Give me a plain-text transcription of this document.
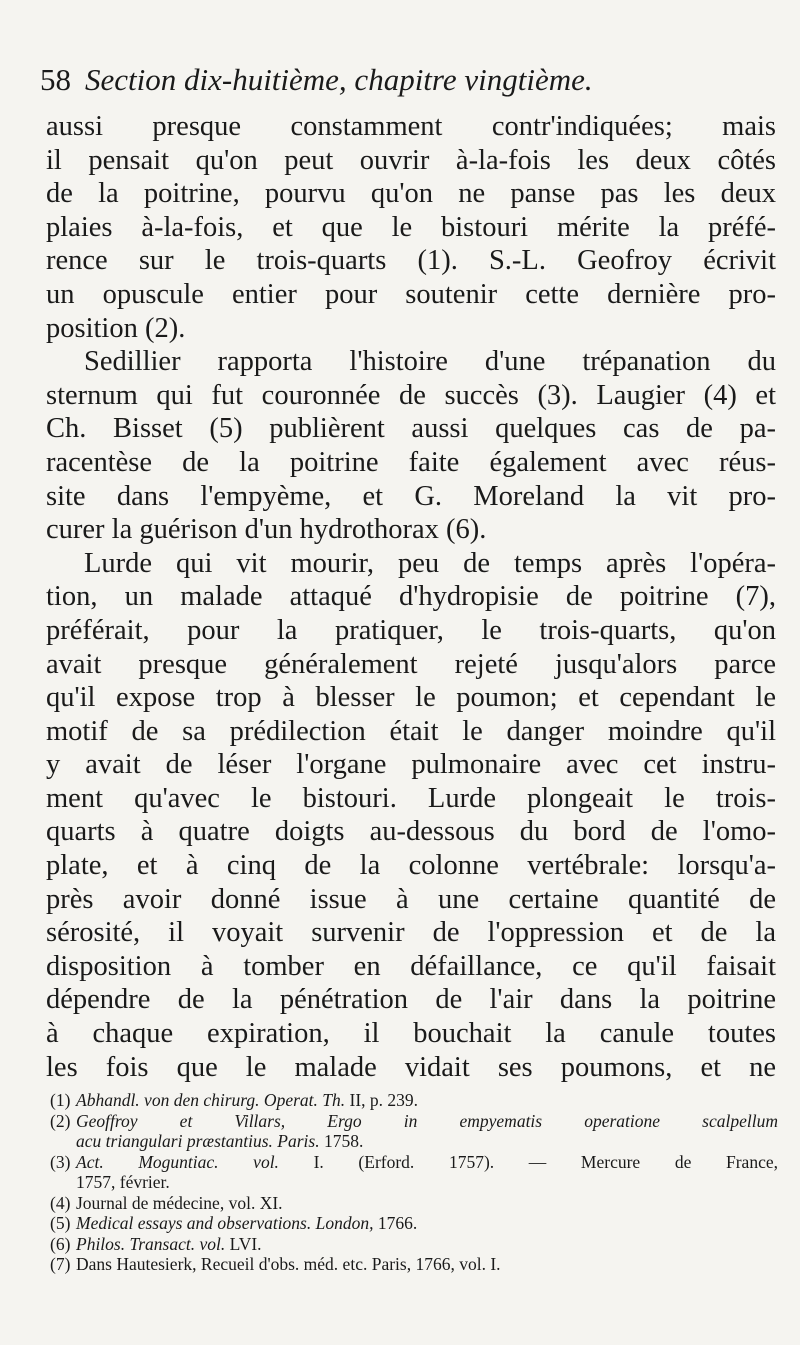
58 Section dix-huitième, chapitre vingtième.
aussi presque constamment contr'indiquées; mais
il pensait qu'on peut ouvrir à-la-fois les deux côtés
de la poitrine, pourvu qu'on ne panse pas les deux
plaies à-la-fois, et que le bistouri mérite la préfé-
rence sur le trois-quarts (1). S.-L. Geofroy écrivit
un opuscule entier pour soutenir cette dernière pro-
position (2).
Sedillier rapporta l'histoire d'une trépanation du
sternum qui fut couronnée de succès (3). Laugier (4) et
Ch. Bisset (5) publièrent aussi quelques cas de pa-
racentèse de la poitrine faite également avec réus-
site dans l'empyème, et G. Moreland la vit pro-
curer la guérison d'un hydrothorax (6).
Lurde qui vit mourir, peu de temps après l'opéra-
tion, un malade attaqué d'hydropisie de poitrine (7),
préférait, pour la pratiquer, le trois-quarts, qu'on
avait presque généralement rejeté jusqu'alors parce
qu'il expose trop à blesser le poumon; et cependant le
motif de sa prédilection était le danger moindre qu'il
y avait de léser l'organe pulmonaire avec cet instru-
ment qu'avec le bistouri. Lurde plongeait le trois-
quarts à quatre doigts au-dessous du bord de l'omo-
plate, et à cinq de la colonne vertébrale: lorsqu'a-
près avoir donné issue à une certaine quantité de
sérosité, il voyait survenir de l'oppression et de la
disposition à tomber en défaillance, ce qu'il faisait
dépendre de la pénétration de l'air dans la poitrine
à chaque expiration, il bouchait la canule toutes
les fois que le malade vidait ses poumons, et ne
(1) Abhandl. von den chirurg. Operat. Th. II, p. 239.
(2) Geoffroy et Villars, Ergo in empyematis operatione scalpellum
acu triangulari præstantius. Paris. 1758.
(3) Act. Moguntiac. vol. I. (Erford. 1757). — Mercure de France,
1757, février.
(4) Journal de médecine, vol. XI.
(5) Medical essays and observations. London, 1766.
(6) Philos. Transact. vol. LVI.
(7) Dans Hautesierk, Recueil d'obs. méd. etc. Paris, 1766, vol. I.
